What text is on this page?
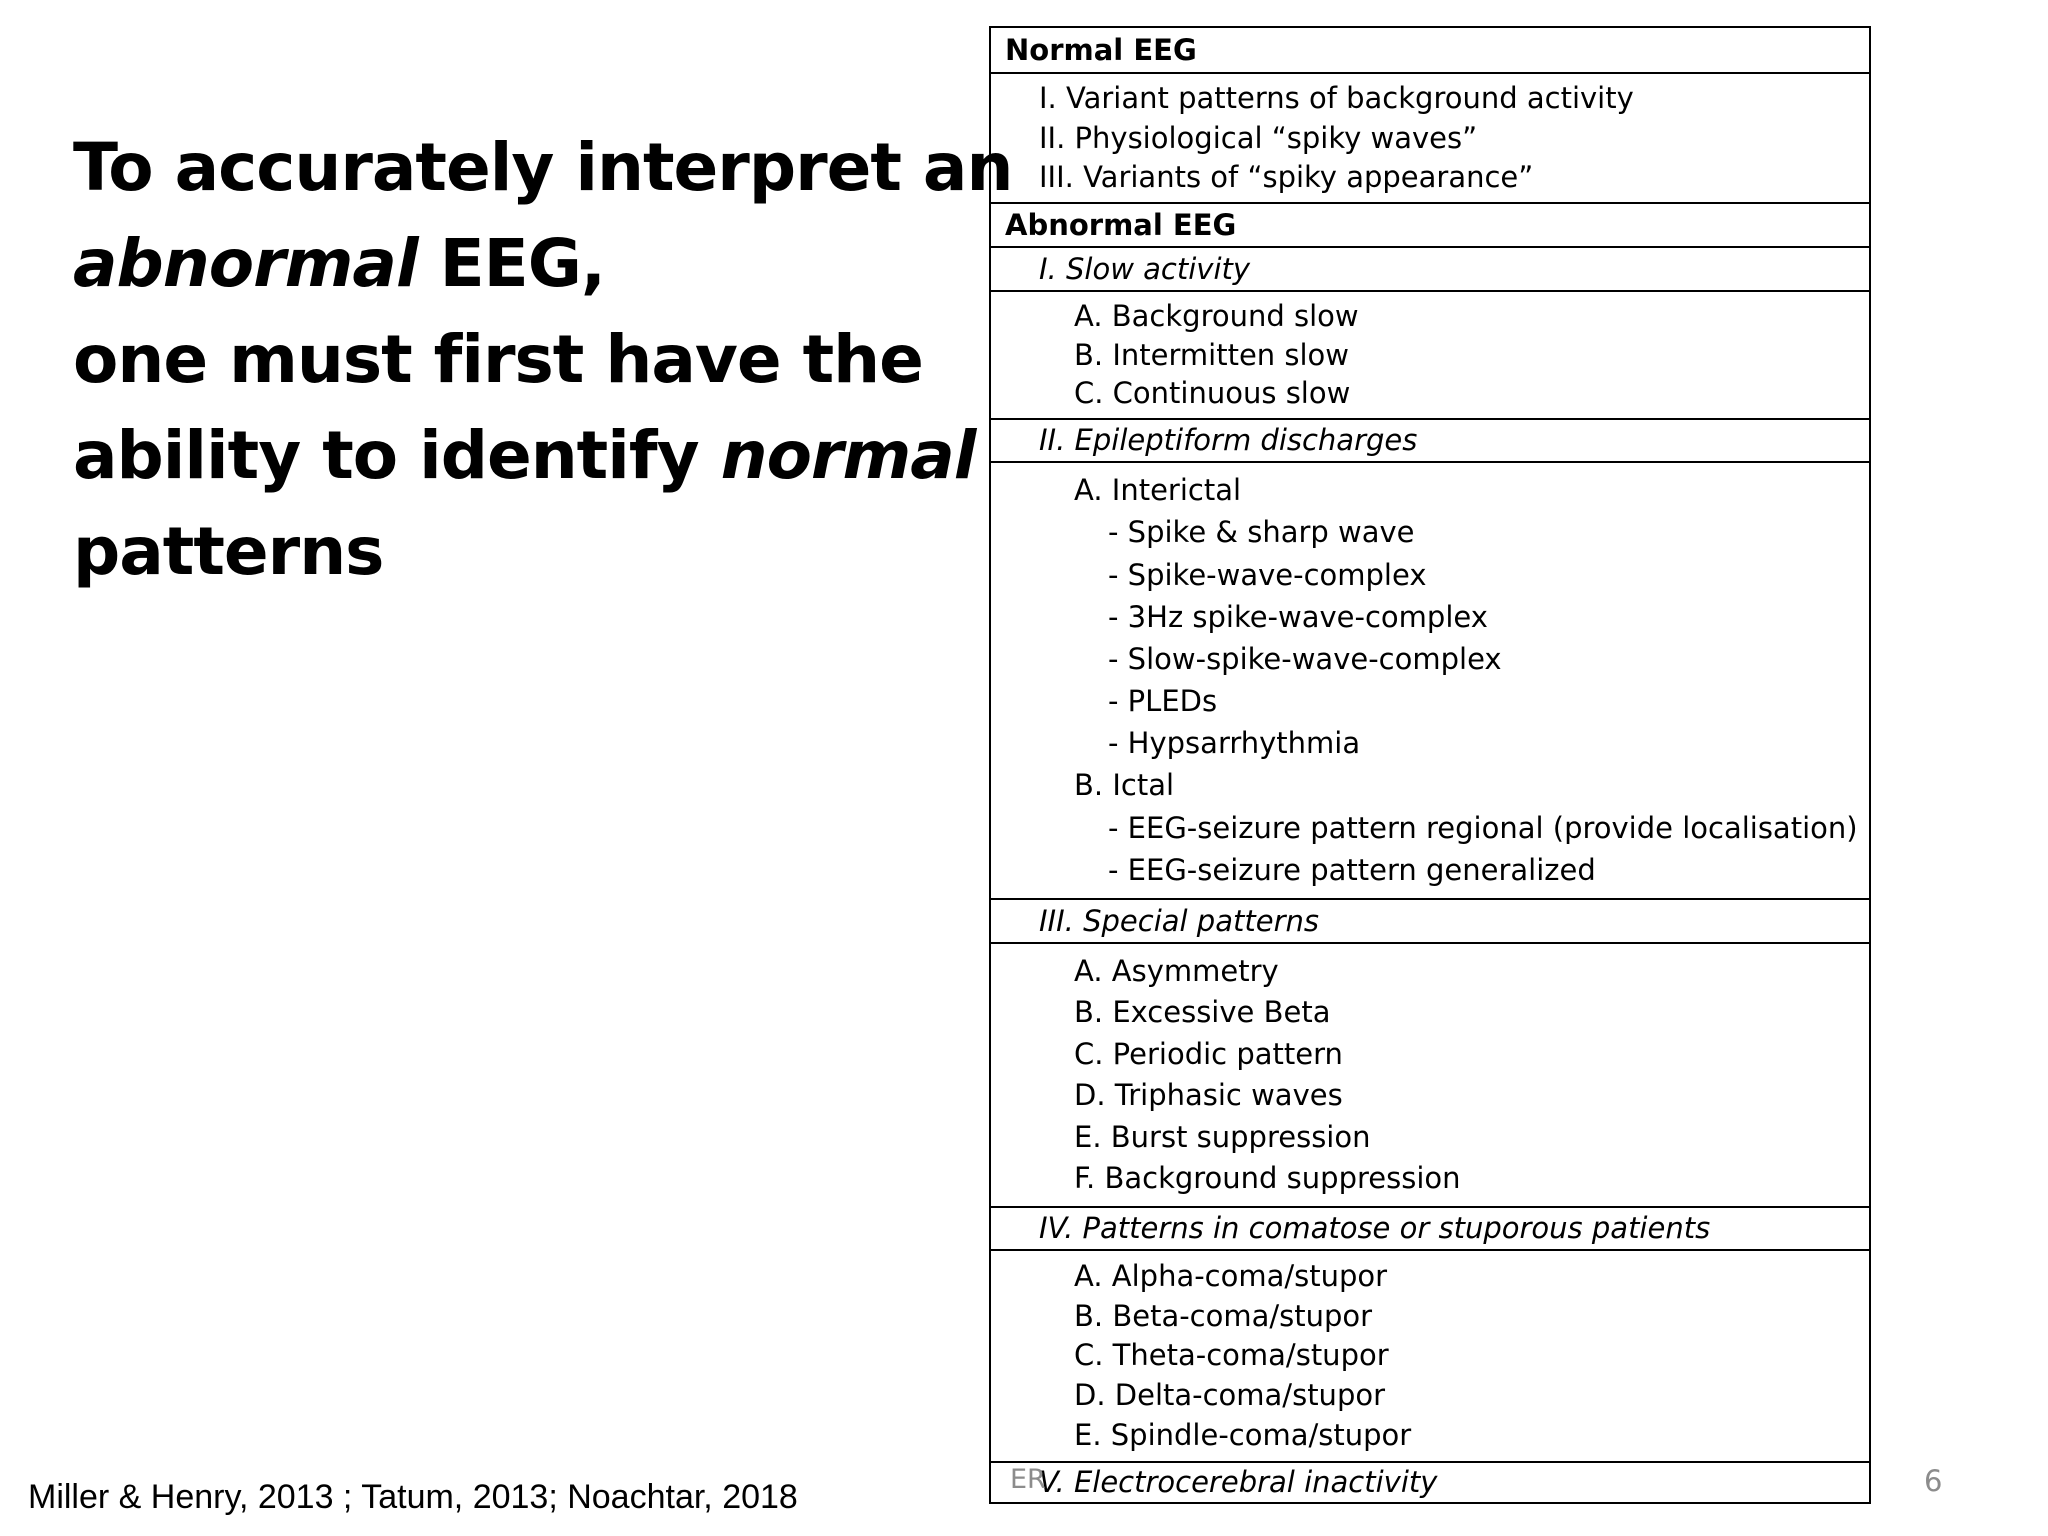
To accurately interpret an
abnormal EEG,
one must first have the
ability to identify normal
patterns
Normal EEG
I. Variant patterns of background activity
II. Physiological “spiky waves”
III. Variants of “spiky appearance”
Abnormal EEG
I. Slow activity
A. Background slow
B. Intermitten slow
C. Continuous slow
II. Epileptiform discharges
A. Interictal
- Spike & sharp wave
- Spike-wave-complex
- 3Hz spike-wave-complex
- Slow-spike-wave-complex
- PLEDs
- Hypsarrhythmia
B. Ictal
- EEG-seizure pattern regional (provide localisation)
- EEG-seizure pattern generalized
III. Special patterns
A. Asymmetry
B. Excessive Beta
C. Periodic pattern
D. Triphasic waves
E. Burst suppression
F. Background suppression
IV. Patterns in comatose or stuporous patients
A. Alpha-coma/stupor
B. Beta-coma/stupor
C. Theta-coma/stupor
D. Delta-coma/stupor
E. Spindle-coma/stupor
V. Electrocerebral inactivity
Miller & Henry, 2013 ; Tatum, 2013; Noachtar, 2018	ER	6
